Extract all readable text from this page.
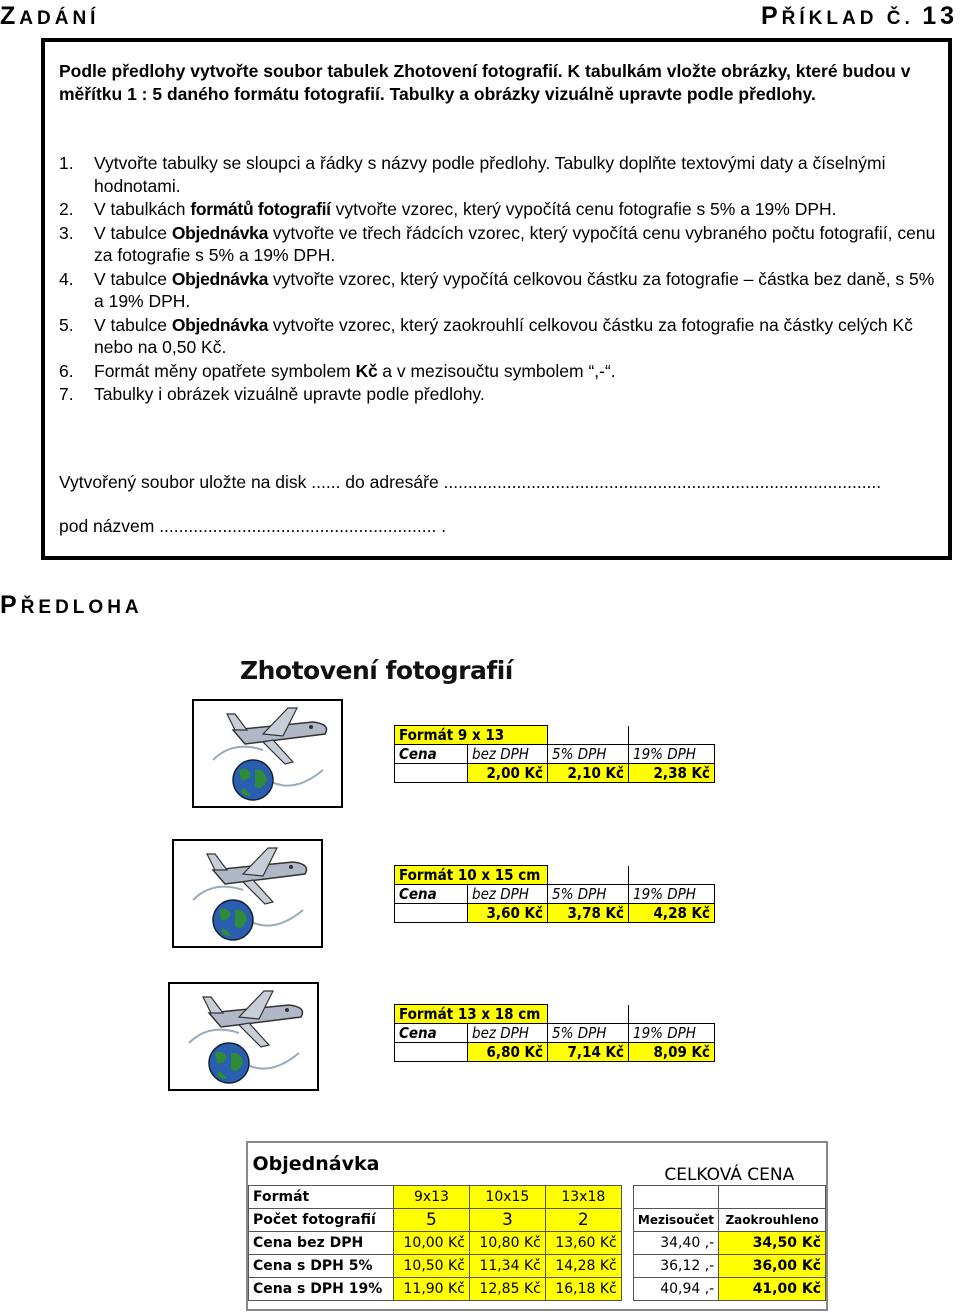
ZADÁNÍ	PŘÍKLAD Č. 13
Podle předlohy vytvořte soubor tabulek Zhotovení fotografií. K tabulkám vložte obrázky, které budou v měřítku 1 : 5 daného formátu fotografií. Tabulky a obrázky vizuálně upravte podle předlohy.
1.	Vytvořte tabulky se sloupci a řádky s názvy podle předlohy. Tabulky doplňte textovými daty a číselnými hodnotami.
2.	V tabulkách formátů fotografií vytvořte vzorec, který vypočítá cenu fotografie s 5% a 19% DPH.
3.	V tabulce Objednávka vytvořte ve třech řádcích vzorec, který vypočítá cenu vybraného počtu fotografií, cenu za fotografie s 5% a 19% DPH.
4.	V tabulce Objednávka vytvořte vzorec, který vypočítá celkovou částku za fotografie – částka bez daně, s 5% a 19% DPH.
5.	V tabulce Objednávka vytvořte vzorec, který zaokrouhlí celkovou částku za fotografie na částky celých Kč nebo na 0,50 Kč.
6.	Formát měny opatřete symbolem Kč a v mezisoučtu symbolem “,-“.
7.	Tabulky i obrázek vizuálně upravte podle předlohy.
Vytvořený soubor uložte na disk ...... do adresáře ..........................................................................................
pod názvem ......................................................... .
PŘEDLOHA
Zhotovení fotografií
Formát 9 x 13			
Cena	bez DPH	5% DPH	19% DPH
	2,00 Kč	2,10 Kč	2,38 Kč
Formát 10 x 15 cm			
Cena	bez DPH	5% DPH	19% DPH
	3,60 Kč	3,78 Kč	4,28 Kč
Formát 13 x 18 cm			
Cena	bez DPH	5% DPH	19% DPH
	6,80 Kč	7,14 Kč	8,09 Kč
Objednávka					CELKOVÁ CENA	
Formát	9x13	10x15	13x18			
Počet fotografií	5	3	2		Mezisoučet	Zaokrouhleno
Cena bez DPH	10,00 Kč	10,80 Kč	13,60 Kč		34,40 ,-	34,50 Kč
Cena s DPH 5%	10,50 Kč	11,34 Kč	14,28 Kč		36,12 ,-	36,00 Kč
Cena s DPH 19%	11,90 Kč	12,85 Kč	16,18 Kč		40,94 ,-	41,00 Kč
